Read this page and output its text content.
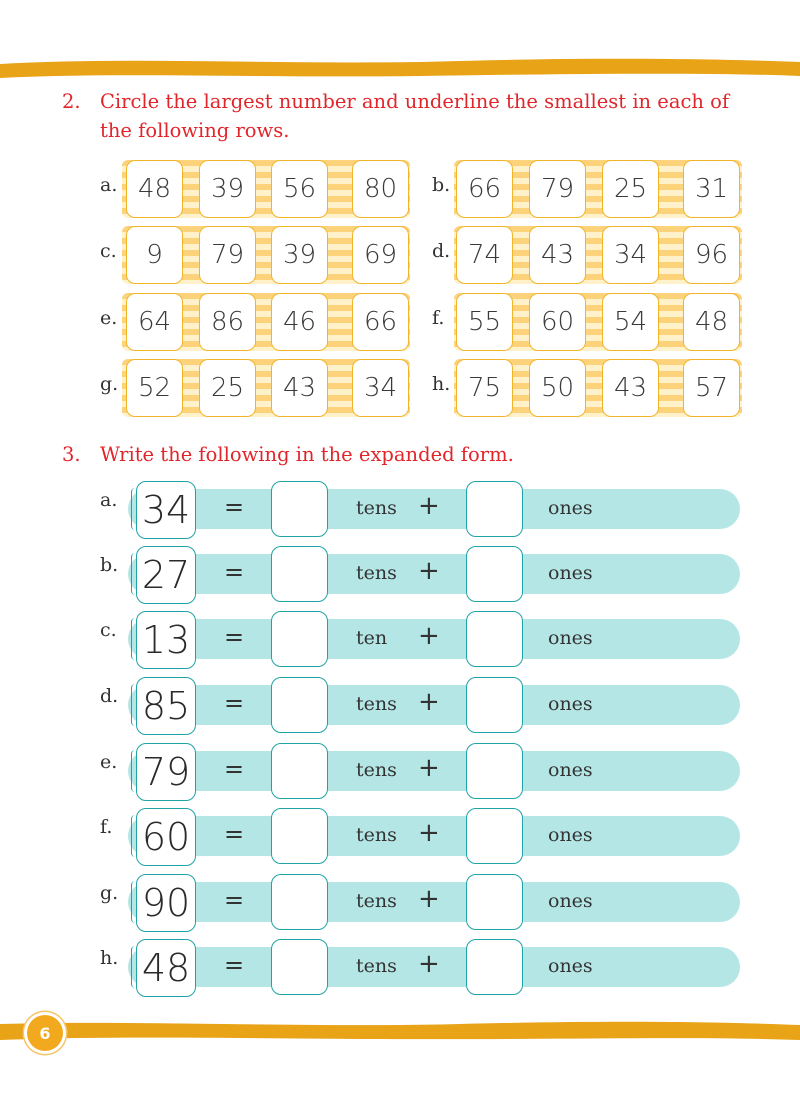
2. Circle the largest number and underline the smallest in each of the following rows.
a. 48	39	56	80	b. 66	79	25	31
c.	9	79	39	69	d. 74	43	34	96
e. 64	86	46	66	f. 55	60	54	48
g. 52	25	43	34	h. 75	50	43	57
3. Write the following in the expanded form.
a. 34 =	tens +	ones
b. 27 =	tens +	ones
c. 13 =	ten +	ones
d. 85 =	tens +	ones
e. 79 =	tens +	ones
f. 60 =	tens +	ones
g. 90 =	tens +	ones
h. 48 =	tens +	ones
6
